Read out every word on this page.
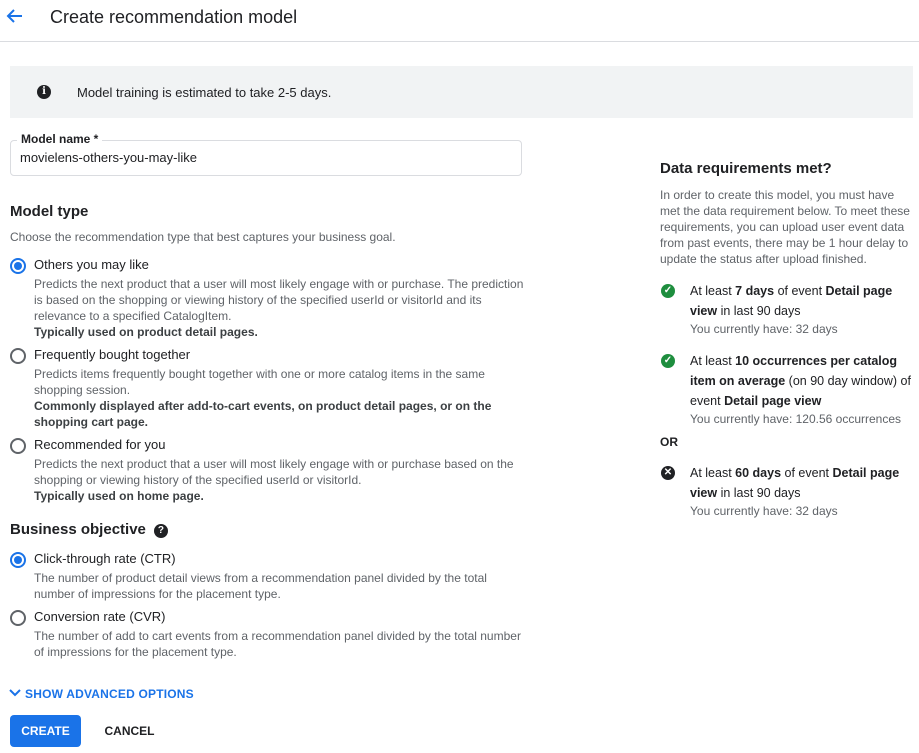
Create recommendation model
i	Model training is estimated to take 2-5 days.
Model name *
movielens-others-you-may-like
Model type
Choose the recommendation type that best captures your business goal.
Others you may like
Predicts the next product that a user will most likely engage with or purchase. The prediction is based on the shopping or viewing history of the specified userId or visitorId and its relevance to a specified CatalogItem.
Typically used on product detail pages.
Frequently bought together
Predicts items frequently bought together with one or more catalog items in the same shopping session.
Commonly displayed after add-to-cart events, on product detail pages, or on the shopping cart page.
Recommended for you
Predicts the next product that a user will most likely engage with or purchase based on the shopping or viewing history of the specified userId or visitorId.
Typically used on home page.
Business objective ?
Click-through rate (CTR)
The number of product detail views from a recommendation panel divided by the total number of impressions for the placement type.
Conversion rate (CVR)
The number of add to cart events from a recommendation panel divided by the total number of impressions for the placement type.
SHOW ADVANCED OPTIONS
CREATE	CANCEL
Data requirements met?
In order to create this model, you must have met the data requirement below. To meet these requirements, you can upload user event data from past events, there may be 1 hour delay to update the status after upload finished.
✓ At least 7 days of event Detail page view in last 90 days
You currently have: 32 days
✓ At least 10 occurrences per catalog item on average (on 90 day window) of event Detail page view
You currently have: 120.56 occurrences
OR
✕ At least 60 days of event Detail page view in last 90 days
You currently have: 32 days
